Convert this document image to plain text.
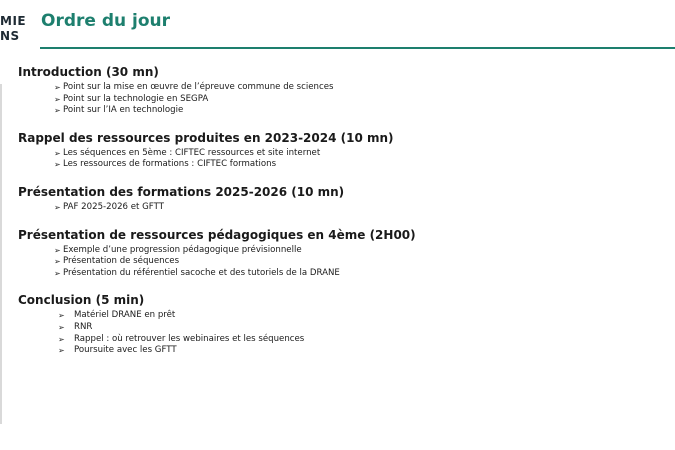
MIE
NS
Ordre du jour
Introduction (30 mn)
➢ Point sur la mise en œuvre de l’épreuve commune de sciences
➢ Point sur la technologie en SEGPA
➢ Point sur l’IA en technologie
Rappel des ressources produites en 2023-2024 (10 mn)
➢ Les séquences en 5ème : CIFTEC ressources et site internet
➢ Les ressources de formations : CIFTEC formations
Présentation des formations 2025-2026 (10 mn)
➢ PAF 2025-2026 et GFTT
Présentation de ressources pédagogiques en 4ème (2H00)
➢ Exemple d’une progression pédagogique prévisionnelle
➢ Présentation de séquences
➢ Présentation du référentiel sacoche et des tutoriels de la DRANE
Conclusion (5 min)
➢	Matériel DRANE en prêt
➢	RNR
➢	Rappel : où retrouver les webinaires et les séquences
➢	Poursuite avec les GFTT
